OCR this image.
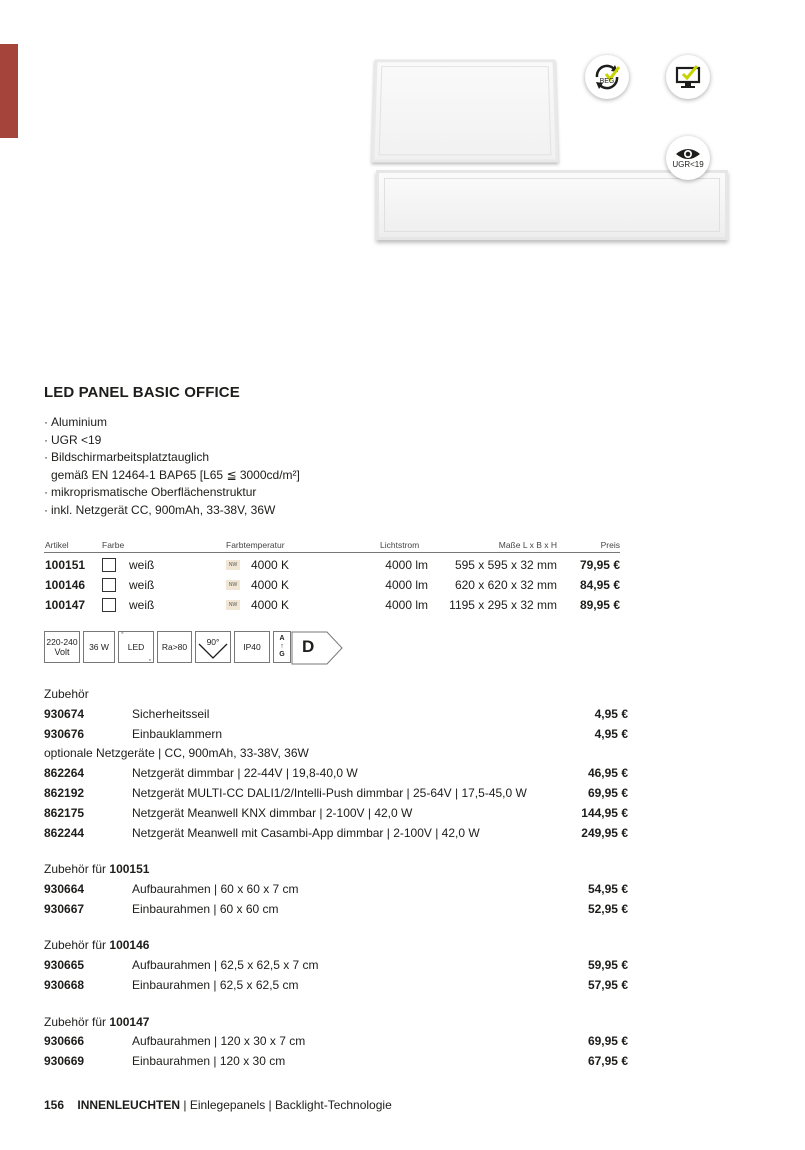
BEG
UGR<19
LED PANEL BASIC OFFICE
· Aluminium
· UGR <19
· Bildschirmarbeitsplatztauglich
gemäß EN 12464-1 BAP65 [L65 ≦ 3000cd/m²]
· mikroprismatische Oberflächenstruktur
· inkl. Netzgerät CC, 900mAh, 33-38V, 36W
Artikel	Farbe	Farbtemperatur	Lichtstrom	Maße L x B x H	Preis
100151	weiß	NW 4000 K	4000 lm 595 x 595 x 32 mm 79,95 €
100146	weiß	NW 4000 K	4000 lm 620 x 620 x 32 mm 84,95 €
100147	weiß	NW 4000 K	4000 lm 1195 x 295 x 32 mm 89,95 €
220-240
Volt	36 W
◦	LED ◦	Ra>80	90°	IP40
A
↑
G D
Zubehör
930674	Sicherheitsseil	4,95 €
930676	Einbauklammern	4,95 €
optionale Netzgeräte | CC, 900mAh, 33-38V, 36W
862264	Netzgerät dimmbar | 22-44V | 19,8-40,0 W	46,95 €
862192	Netzgerät MULTI-CC DALI1/2/Intelli-Push dimmbar | 25-64V | 17,5-45,0 W	69,95 €
862175	Netzgerät Meanwell KNX dimmbar | 2-100V | 42,0 W	144,95 €
862244	Netzgerät Meanwell mit Casambi-App dimmbar | 2-100V | 42,0 W	249,95 €
Zubehör für 100151
930664	Aufbaurahmen | 60 x 60 x 7 cm	54,95 €
930667	Einbaurahmen | 60 x 60 cm	52,95 €
Zubehör für 100146
930665	Aufbaurahmen | 62,5 x 62,5 x 7 cm	59,95 €
930668	Einbaurahmen | 62,5 x 62,5 cm	57,95 €
Zubehör für 100147
930666	Aufbaurahmen | 120 x 30 x 7 cm	69,95 €
930669	Einbaurahmen | 120 x 30 cm	67,95 €
156 INNENLEUCHTEN | Einlegepanels | Backlight-Technologie
